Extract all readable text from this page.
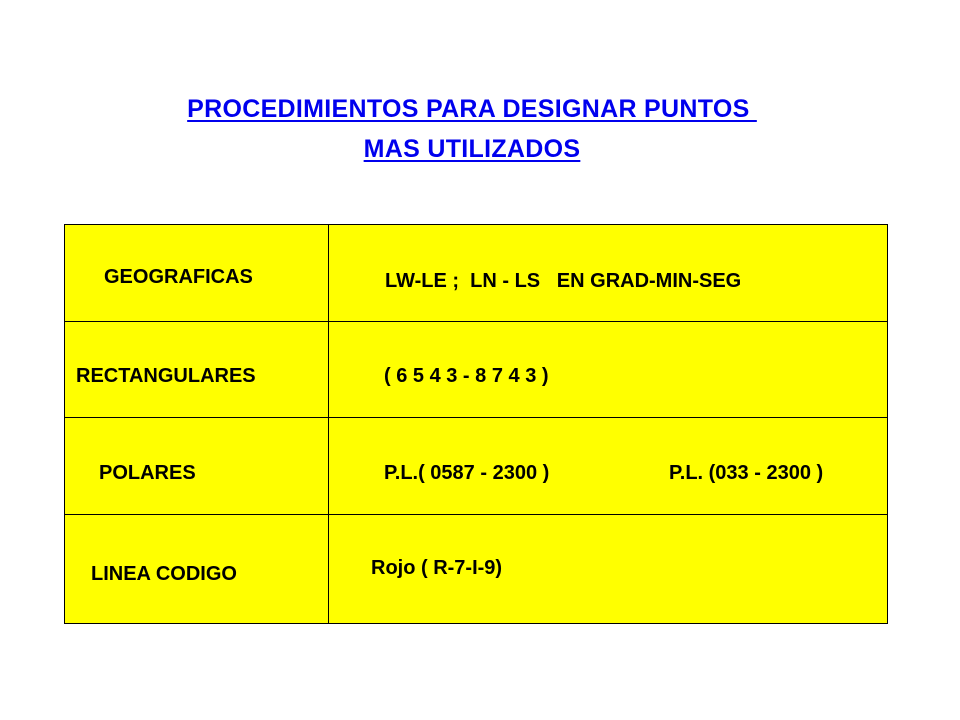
PROCEDIMIENTOS PARA DESIGNAR PUNTOS
MAS UTILIZADOS
GEOGRAFICAS	LW-LE ;  LN - LS   EN GRAD-MIN-SEG
RECTANGULARES	( 6 5 4 3 - 8 7 4 3 )
POLARES	P.L.( 0587 - 2300 )	P.L. (033 - 2300 )
LINEA CODIGO	Rojo ( R-7-I-9)
